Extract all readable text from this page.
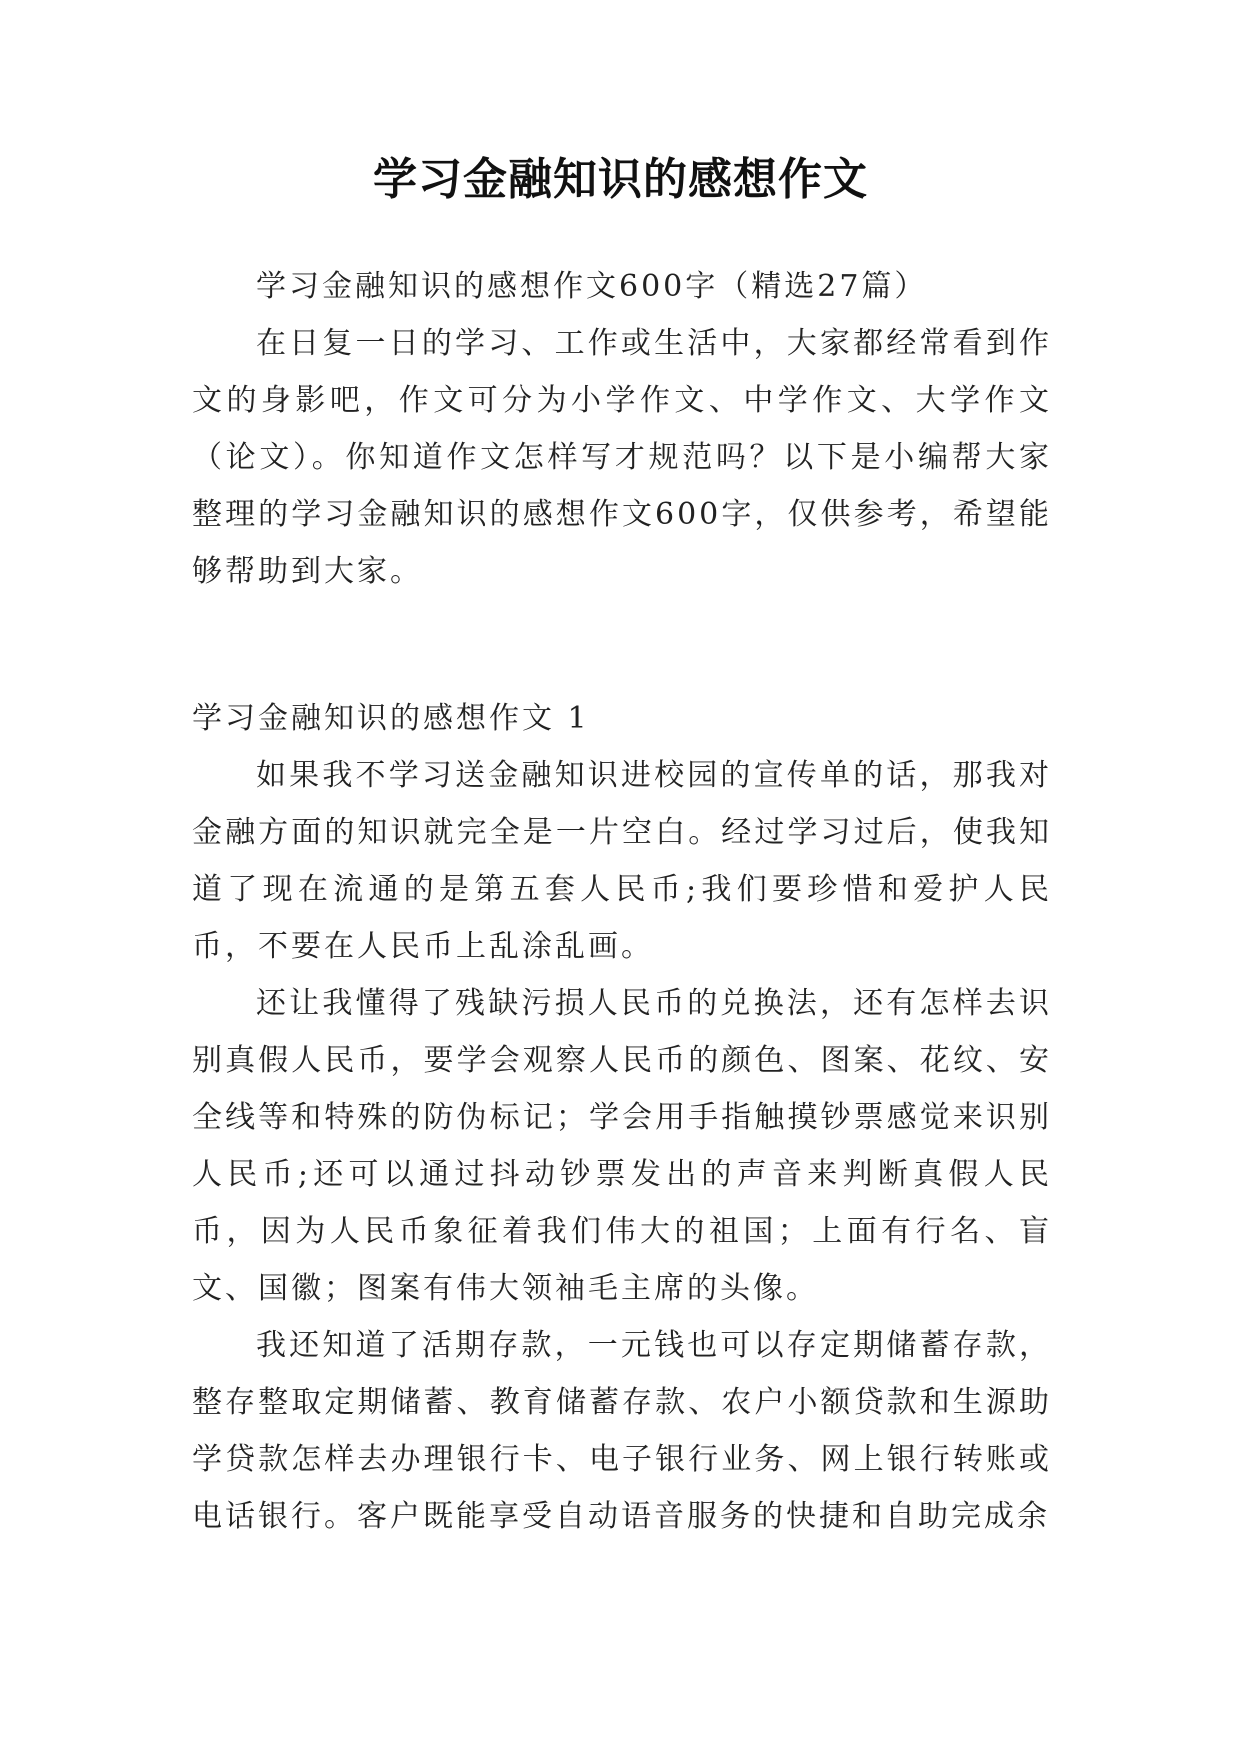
学习金融知识的感想作文

学习金融知识的感想作文600字（精选27篇）

在日复一日的学习、工作或生活中，大家都经常看到作文的身影吧，作文可分为小学作文、中学作文、大学作文（论文）。你知道作文怎样写才规范吗？以下是小编帮大家整理的学习金融知识的感想作文600字，仅供参考，希望能够帮助到大家。

学习金融知识的感想作文 1

如果我不学习送金融知识进校园的宣传单的话，那我对金融方面的知识就完全是一片空白。经过学习过后，使我知道了现在流通的是第五套人民币;我们要珍惜和爱护人民币，不要在人民币上乱涂乱画。

还让我懂得了残缺污损人民币的兑换法，还有怎样去识别真假人民币，要学会观察人民币的颜色、图案、花纹、安全线等和特殊的防伪标记；学会用手指触摸钞票感觉来识别人民币;还可以通过抖动钞票发出的声音来判断真假人民币，因为人民币象征着我们伟大的祖国；上面有行名、盲文、国徽；图案有伟大领袖毛主席的头像。

我还知道了活期存款，一元钱也可以存定期储蓄存款，整存整取定期储蓄、教育储蓄存款、农户小额贷款和生源助学贷款怎样去办理银行卡、电子银行业务、网上银行转账或电话银行。客户既能享受自动语音服务的快捷和自助完成余
